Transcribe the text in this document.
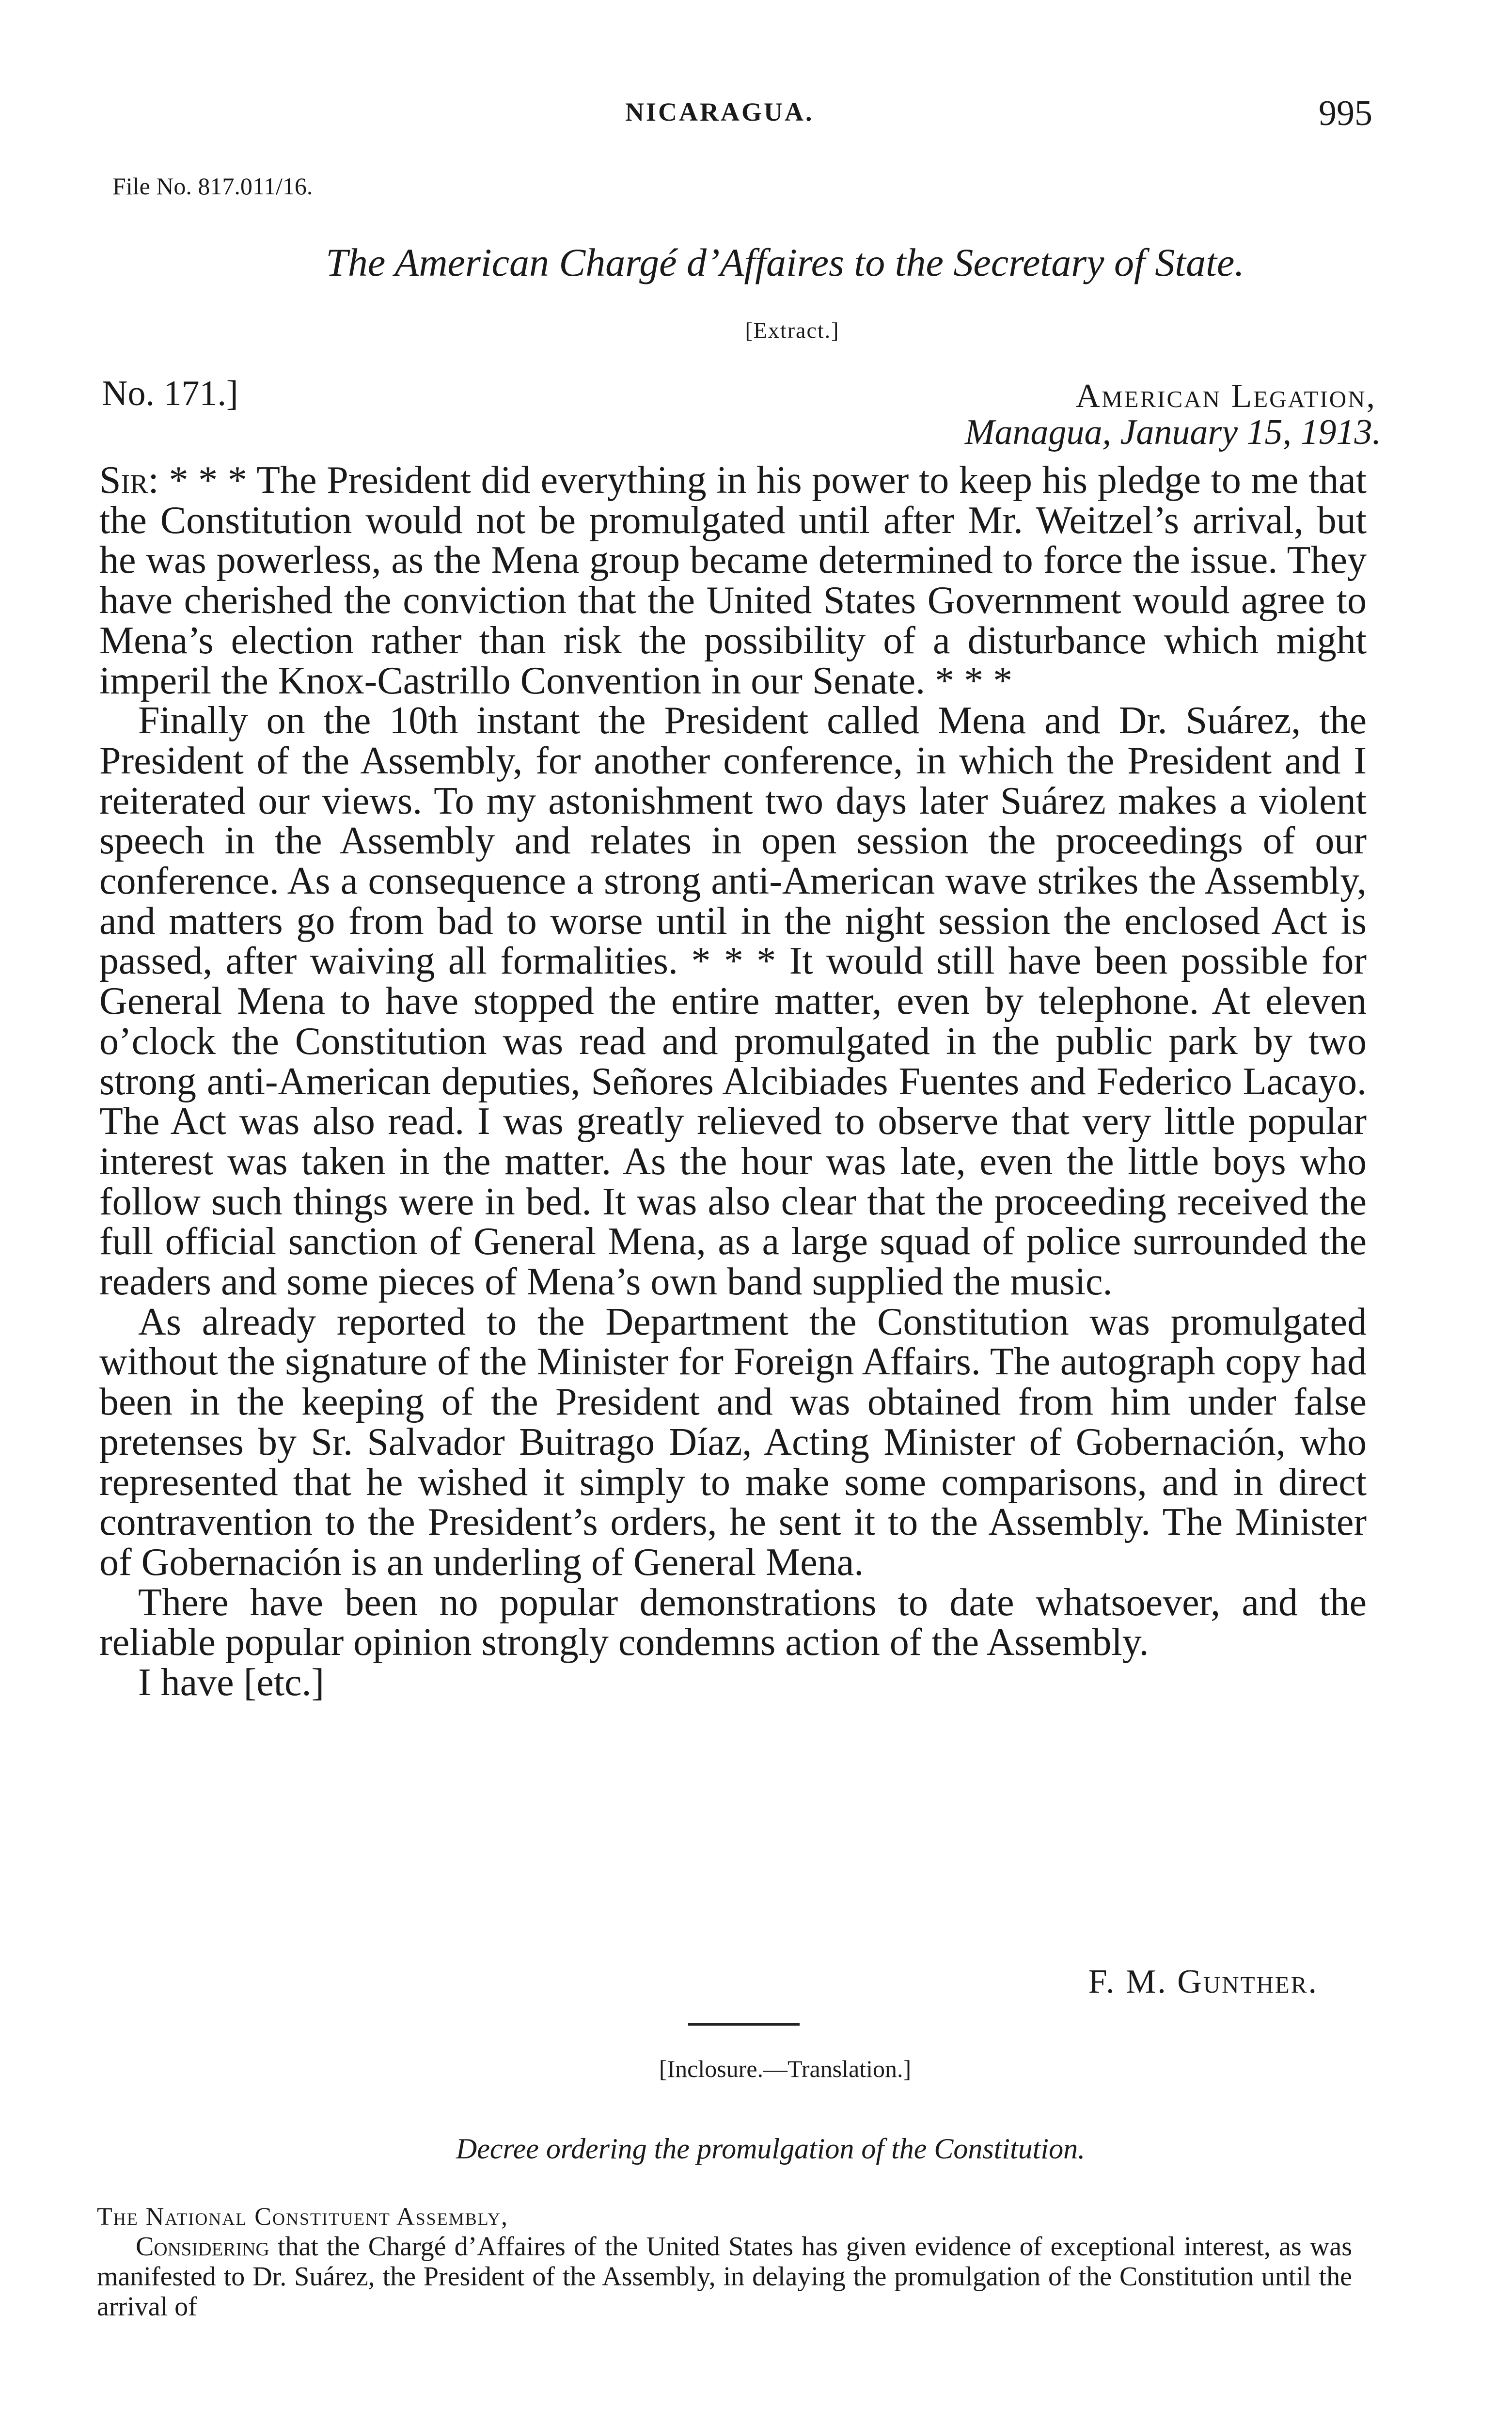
NICARAGUA.	995
File No. 817.011/16.
The American Chargé d’Affaires to the Secretary of State.
[Extract.]
No. 171.]	American Legation,
Managua, January 15, 1913.

Sir: * * * The President did everything in his power to keep his pledge to me that the Constitution would not be promulgated until after Mr. Weitzel’s arrival, but he was powerless, as the Mena group became determined to force the issue. They have cherished the conviction that the United States Government would agree to Mena’s election rather than risk the possibility of a disturbance which might imperil the Knox-Castrillo Convention in our Senate. * * *

Finally on the 10th instant the President called Mena and Dr. Suárez, the President of the Assembly, for another conference, in which the President and I reiterated our views. To my astonishment two days later Suárez makes a violent speech in the Assembly and relates in open session the proceedings of our conference. As a consequence a strong anti-American wave strikes the Assembly, and matters go from bad to worse until in the night session the enclosed Act is passed, after waiving all formalities. * * * It would still have been possible for General Mena to have stopped the entire matter, even by telephone. At eleven o’clock the Constitution was read and promulgated in the public park by two strong anti-American deputies, Señores Alcibiades Fuentes and Federico Lacayo. The Act was also read. I was greatly relieved to observe that very little popular interest was taken in the matter. As the hour was late, even the little boys who follow such things were in bed. It was also clear that the proceeding received the full official sanction of General Mena, as a large squad of police surrounded the readers and some pieces of Mena’s own band supplied the music.

As already reported to the Department the Constitution was promulgated without the signature of the Minister for Foreign Affairs. The autograph copy had been in the keeping of the President and was obtained from him under false pretenses by Sr. Salvador Buitrago Díaz, Acting Minister of Gobernación, who represented that he wished it simply to make some comparisons, and in direct contravention to the President’s orders, he sent it to the Assembly. The Minister of Gobernación is an underling of General Mena.

There have been no popular demonstrations to date whatsoever, and the reliable popular opinion strongly condemns action of the Assembly.

I have [etc.]

F. M. Gunther.
[Inclosure.—Translation.]
Decree ordering the promulgation of the Constitution.
The National Constituent Assembly,

Considering that the Chargé d’Affaires of the United States has given evidence of exceptional interest, as was manifested to Dr. Suárez, the President of the Assembly, in delaying the promulgation of the Constitution until the arrival of
